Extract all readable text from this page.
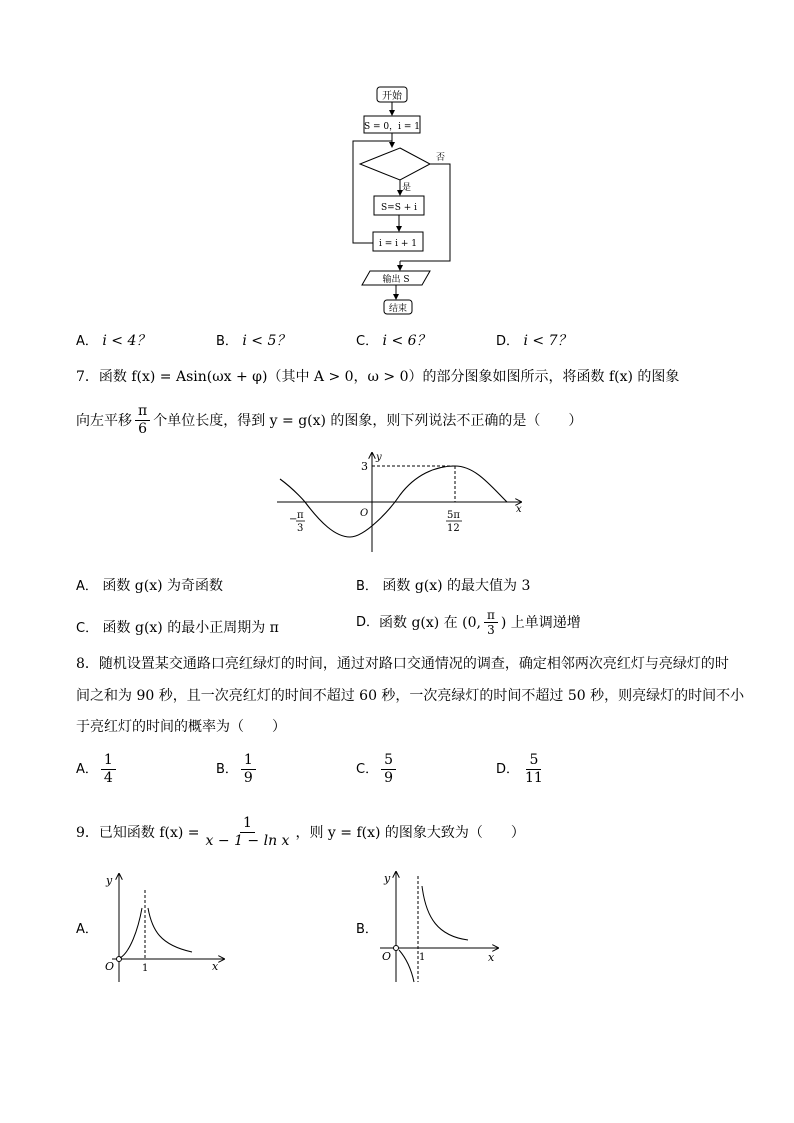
开始
S = 0，i = 1
否
是
S=S + i
i = i + 1
输出 S
结束
A． i < 4？	B． i < 5？	C． i < 6？	D． i < 7？
7．函数 f(x) = Asin(ωx + φ)（其中 A > 0，ω > 0）的部分图象如图所示，将函数 f(x) 的图象
向左平移 $\frac{\pi}{6}$ 个单位长度，得到 y = g(x) 的图象，则下列说法不正确的是（　　）
y
x
O
3
− π
3
5π
12
A． 函数 g(x) 为奇函数	B． 函数 g(x) 的最大值为 3
C． 函数 g(x) 的最小正周期为 π	D． 函数 g(x) 在 (0, $\frac{\pi}{3}$ ) 上单调递增
8．随机设置某交通路口亮红绿灯的时间，通过对路口交通情况的调查，确定相邻两次亮红灯与亮绿灯的时
间之和为 90 秒，且一次亮红灯的时间不超过 60 秒，一次亮绿灯的时间不超过 50 秒，则亮绿灯的时间不小
于亮红灯的时间的概率为（　　）
A． $\frac{1}{4}$	B． $\frac{1}{9}$	C． $\frac{5}{9}$	D． $\frac{5}{11}$
9．已知函数 $f(x) = \frac{1}{\text{x − 1 − ln x}}$ ，则 y = f(x) 的图象大致为（　　）
A．
y
x
O	1
B．
y
x
O	1
